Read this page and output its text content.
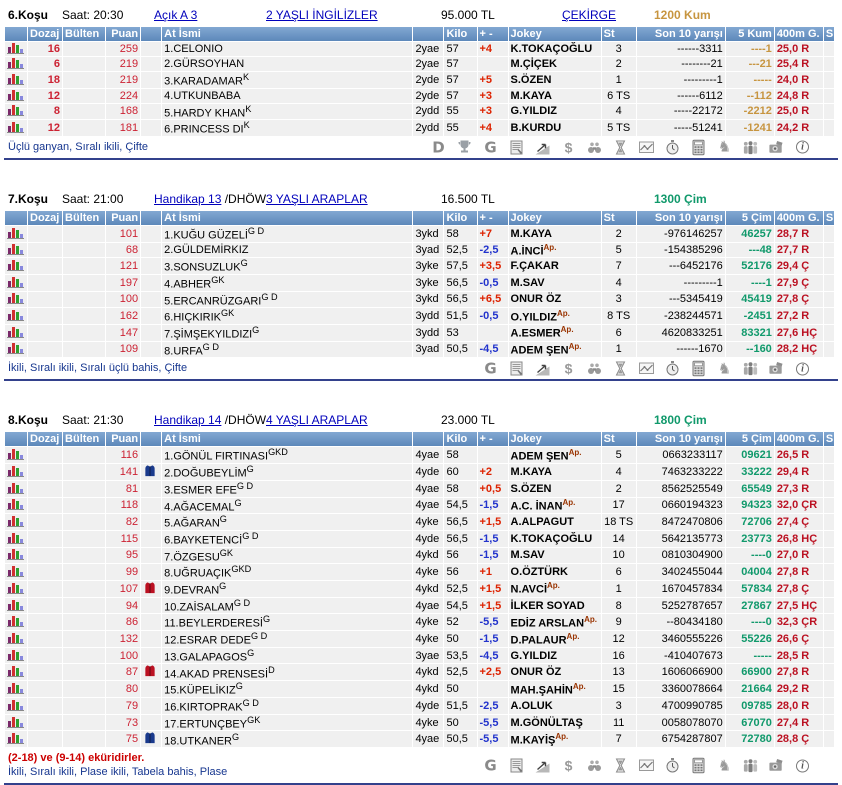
6.Koşu Saat: 20:30	Açık A 3	2 YAŞLI İNGİLİZLER	95.000 TL	ÇEKİRGE	1200 Kum
	Dozaj	Bülten	Puan		At İsmi		Kilo	+ -	Jokey	St	Son 10 yarışı	5 Kum	400m G.	S

	16		259		1.CELONIO	2yae	57	+4	K.TOKAÇOĞLU	3	------3311	----1	25,0 R	

	6		219		2.GÜRSOYHAN	2yae	57		M.ÇİÇEK	2	--------21	---21	25,4 R	

	18		219		$3.KARADAMAR^K$	2yde	57	+5	S.ÖZEN	1	---------1	-----	24,0 R	

	12		224		4.UTKUNBABA	2yde	57	+3	M.KAYA	6 TS	------6112	--112	24,8 R	

	8		168		5.HARDY $KHAN^K$	2ydd	55	+3	G.YILDIZ	4	-----22172	-2212	25,0 R	

	12		181		6.PRINCESS $DI^K$	2ydd	55	+4	B.KURDU	5 TS	-----51241	-1241	24,2 R	
Üçlü ganyan, Sıralı ikili, Çifte	D	G	$	♞	i
7.Koşu Saat: 21:00	Handikap 13 /DHÖW 3 YAŞLI ARAPLAR	16.500 TL	1300 Çim
	Dozaj	Bülten	Puan		At İsmi		Kilo	+ -	Jokey	St	Son 10 yarışı	5 Çim	400m G.	S

			101		1.KUĞU $GÜZELİ^{G D}$	3ykd	58	+7	M.KAYA	2	-976146257	46257	28,7 R	

			68		2.GÜLDEMİRKIZ	3yad	52,5	-2,5	$A.İNCİ^{Ap.}$	5	-154385296	---48	27,7 R	

			121		$3.SONSUZLUK^G$	3yke	57,5	+3,5	F.ÇAKAR	7	---6452176	52176	29,4 Ç	

			197		$4.ABHER^{GK}$	3yke	56,5	-0,5	M.SAV	4	---------1	----1	27,9 Ç	

			100		$5.ERCANRÜZGARI^{G D}$	3ykd	56,5	+6,5	ONUR ÖZ	3	---5345419	45419	27,8 Ç	

			162		$6.HIÇKIRIK^{GK}$	3ydd	51,5	-0,5	$O.YILDIZ^{Ap.}$	8 TS	-238244571	-2451	27,2 R	

			147		$7.ŞİMŞEKYILDIZI^G$	3ydd	53		$A.ESMER^{Ap.}$	6	4620833251	83321	27,6 HÇ	

			109		$8.URFA^{G D}$	3yad	50,5	-4,5	ADEM $ŞEN^{Ap.}$	1	------1670	--160	28,2 HÇ	
İkili, Sıralı ikili, Sıralı üçlü bahis, Çifte	G	$	♞	i
8.Koşu Saat: 21:30	Handikap 14 /DHÖW 4 YAŞLI ARAPLAR	23.000 TL	1800 Çim
	Dozaj	Bülten	Puan		At İsmi		Kilo	+ -	Jokey	St	Son 10 yarışı	5 Çim	400m G.	S

			116		1.GÖNÜL $FIRTINASI^{GKD}$	4yae	58		ADEM $ŞEN^{Ap.}$	5	0663233117	09621	26,5 R	

			141		$2.DOĞUBEYLİM^G$	4yde	60	+2	M.KAYA	4	7463233222	33222	29,4 R	

			81		3.ESMER $EFE^{G D}$	4yae	58	+0,5	S.ÖZEN	2	8562525549	65549	27,3 R	

			118		$4.AĞACEMAL^G$	4yae	54,5	-1,5	A.C. $İNAN^{Ap.}$	17	0660194323	94323	32,0 ÇR	

			82		$5.AĞARAN^G$	4yke	56,5	+1,5	A.ALPAGUT	18 TS	8472470806	72706	27,4 Ç	

			115		$6.BAYKETENCİ^{G D}$	4yde	56,5	-1,5	K.TOKAÇOĞLU	14	5642135773	23773	26,8 HÇ	

			95		$7.ÖZGESU^{GK}$	4ykd	56	-1,5	M.SAV	10	0810304900	----0	27,0 R	

			99		$8.UĞRUAÇIK^{GKD}$	4yke	56	+1	O.ÖZTÜRK	6	3402455044	04004	27,8 R	

			107		$9.DEVRAN^G$	4ykd	52,5	+1,5	$N.AVCİ^{Ap.}$	1	1670457834	57834	27,8 Ç	

			94		$10.ZAİSALAM^{G D}$	4yae	54,5	+1,5	İLKER SOYAD	8	5252787657	27867	27,5 HÇ	

			86		$11.BEYLERDERESİ^G$	4yke	52	-5,5	EDİZ $ARSLAN^{Ap.}$	9	--80434180	----0	32,3 ÇR	

			132		12.ESRAR $DEDE^{G D}$	4yke	50	-1,5	$D.PALAUR^{Ap.}$	12	3460555226	55226	26,6 Ç	

			100		$13.GALAPAGOS^G$	3yae	53,5	-4,5	G.YILDIZ	16	-410407673	-----	28,5 R	

			87		14.AKAD $PRENSESİ^D$	4ykd	52,5	+2,5	ONUR ÖZ	13	1606066900	66900	27,8 R	

			80		$15.KÜPELİKIZ^G$	4ykd	50		$MAH.ŞAHİN^{Ap.}$	15	3360078664	21664	29,2 R	

			79		$16.KIRTOPRAK^{G D}$	4yde	51,5	-2,5	A.OLUK	3	4700990785	09785	28,0 R	

			73		$17.ERTUNÇBEY^{GK}$	4yke	50	-5,5	M.GÖNÜLTAŞ	11	0058078070	67070	27,4 R	

			75		$18.UTKANER^G$	4yae	50,5	-5,5	$M.KAYİŞ^{Ap.}$	7	6754287807	72780	28,8 Ç	
(2-18) ve (9-14) eküridirler.
İkili, Sıralı ikili, Plase ikili, Tabela bahis, Plase	G	$	♞	i
